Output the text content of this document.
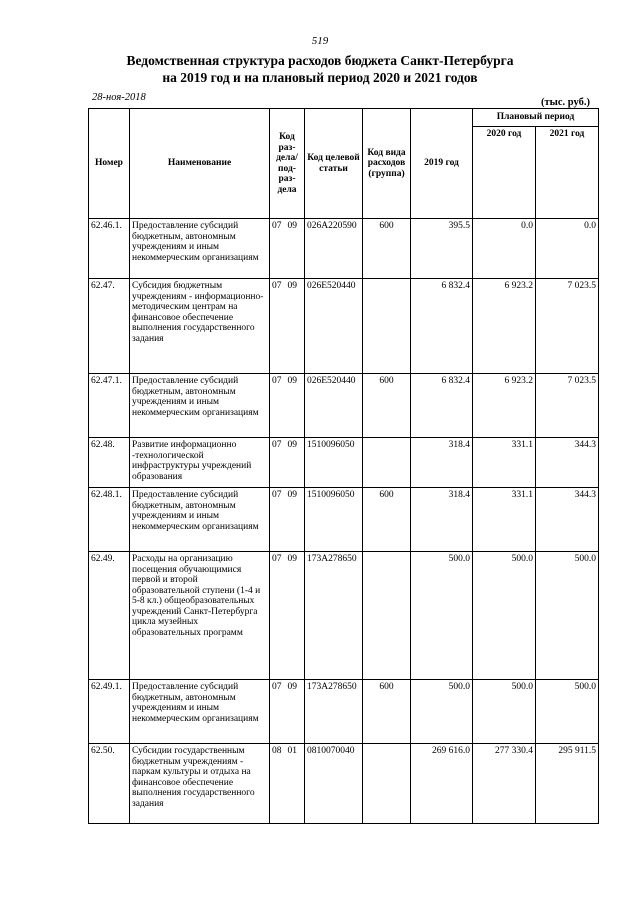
519
Ведомственная структура расходов бюджета Санкт-Петербурга
на 2019 год и на плановый период 2020 и 2021 годов
28-ноя-2018	(тыс. руб.)
Номер	Наименование	Код раз-дела/ под-раз-дела	Код целевой статьи	Код вида расходов (группа)	2019 год	Плановый период	
						2020 год	2021 год
62.46.1.	Предоставление субсидий бюджетным, автономным учреждениям и иным некоммерческим организациям	07 09	026А220590	600	395.5	0.0	0.0
62.47.	Субсидия бюджетным учреждениям - информационно-методическим центрам на финансовое обеспечение выполнения государственного задания	07 09	026Е520440		6 832.4	6 923.2	7 023.5
62.47.1.	Предоставление субсидий бюджетным, автономным учреждениям и иным некоммерческим организациям	07 09	026Е520440	600	6 832.4	6 923.2	7 023.5
62.48.	Развитие информационно -технологической инфраструктуры учреждений образования	07 09	1510096050		318.4	331.1	344.3
62.48.1.	Предоставление субсидий бюджетным, автономным учреждениям и иным некоммерческим организациям	07 09	1510096050	600	318.4	331.1	344.3
62.49.	Расходы на организацию посещения обучающимися первой и второй образовательной ступени (1-4 и 5-8 кл.) общеобразовательных учреждений Санкт-Петербурга цикла музейных образовательных программ	07 09	173А278650		500.0	500.0	500.0
62.49.1.	Предоставление субсидий бюджетным, автономным учреждениям и иным некоммерческим организациям	07 09	173А278650	600	500.0	500.0	500.0
62.50.	Субсидии государственным бюджетным учреждениям - паркам культуры и отдыха на финансовое обеспечение выполнения государственного задания	08 01	0810070040		269 616.0	277 330.4	295 911.5
